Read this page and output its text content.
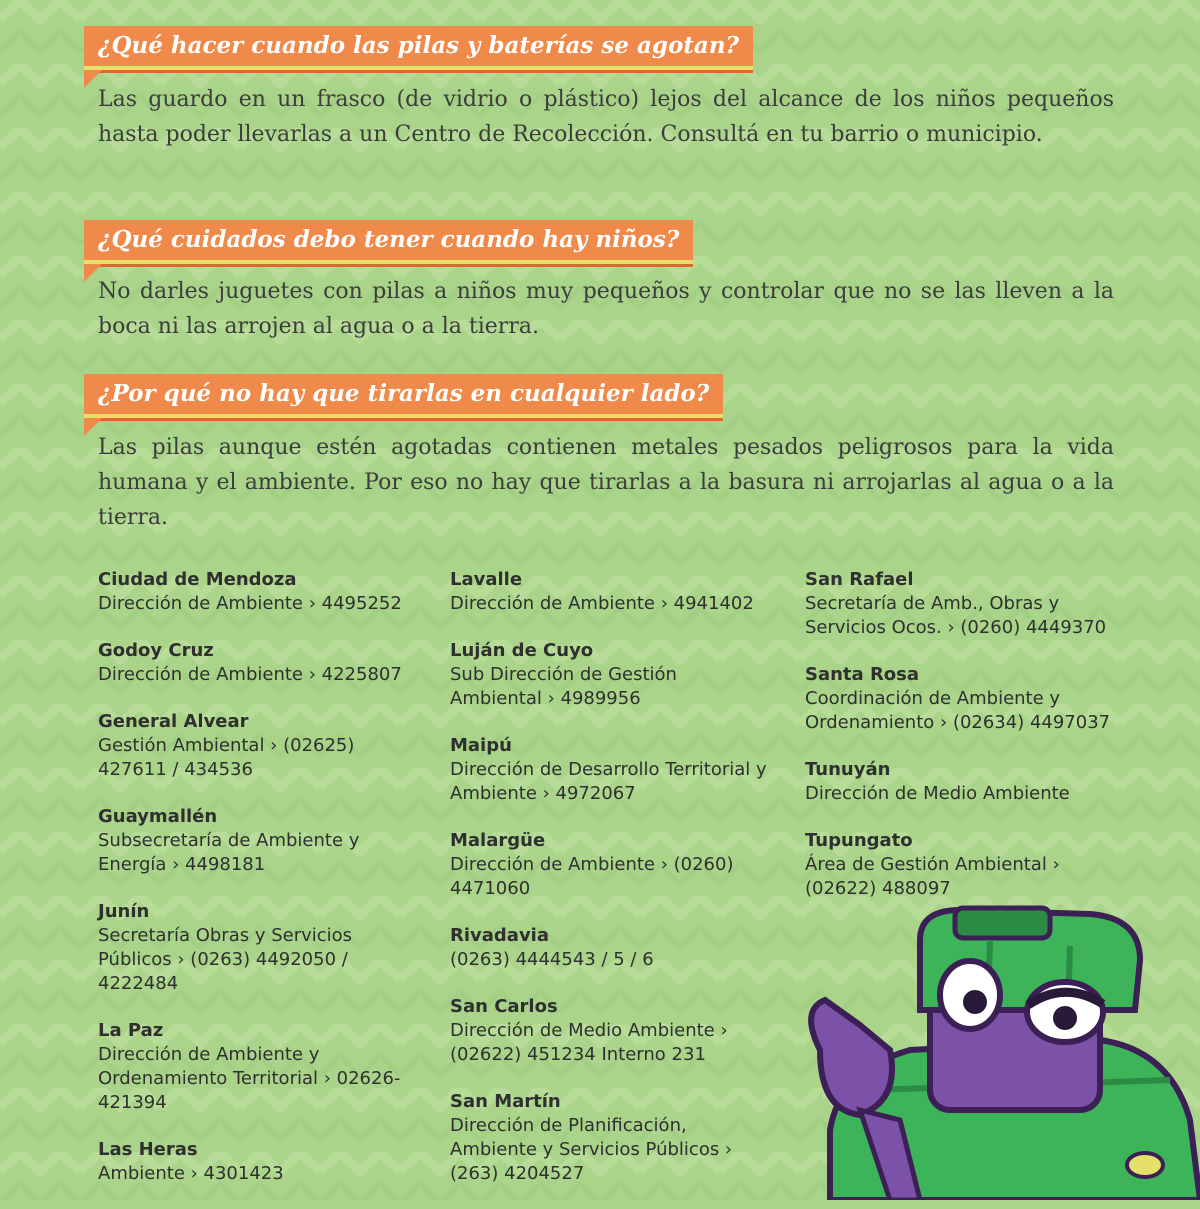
¿Qué hacer cuando las pilas y baterías se agotan?

Las guardo en un frasco (de vidrio o plástico) lejos del alcance de los niños pequeños hasta poder llevarlas a un Centro de Recolección. Consultá en tu barrio o municipio.

¿Qué cuidados debo tener cuando hay niños?

No darles juguetes con pilas a niños muy pequeños y controlar que no se las lleven a la boca ni las arrojen al agua o a la tierra.

¿Por qué no hay que tirarlas en cualquier lado?

Las pilas aunque estén agotadas contienen metales pesados peligrosos para la vida humana y el ambiente. Por eso no hay que tirarlas a la basura ni arrojarlas al agua o a la tierra.

Ciudad de Mendoza
Dirección de Ambiente › 4495252
Godoy Cruz
Dirección de Ambiente › 4225807
General Alvear
Gestión Ambiental › (02625) 427611 / 434536
Guaymallén
Subsecretaría de Ambiente y Energía › 4498181
Junín
Secretaría Obras y Servicios Públicos › (0263) 4492050 / 4222484
La Paz
Dirección de Ambiente y Ordenamiento Territorial › 02626-421394
Las Heras
Ambiente › 4301423
Lavalle
Dirección de Ambiente › 4941402
Luján de Cuyo
Sub Dirección de Gestión Ambiental › 4989956
Maipú
Dirección de Desarrollo Territorial y Ambiente › 4972067
Malargüe
Dirección de Ambiente › (0260) 4471060
Rivadavia
(0263) 4444543 / 5 / 6
San Carlos
Dirección de Medio Ambiente › (02622) 451234 Interno 231
San Martín
Dirección de Planificación, Ambiente y Servicios Públicos › (263) 4204527
San Rafael
Secretaría de Amb., Obras y Servicios Ocos. › (0260) 4449370
Santa Rosa
Coordinación de Ambiente y Ordenamiento › (02634) 4497037
Tunuyán
Dirección de Medio Ambiente
Tupungato
Área de Gestión Ambiental › (02622) 488097
